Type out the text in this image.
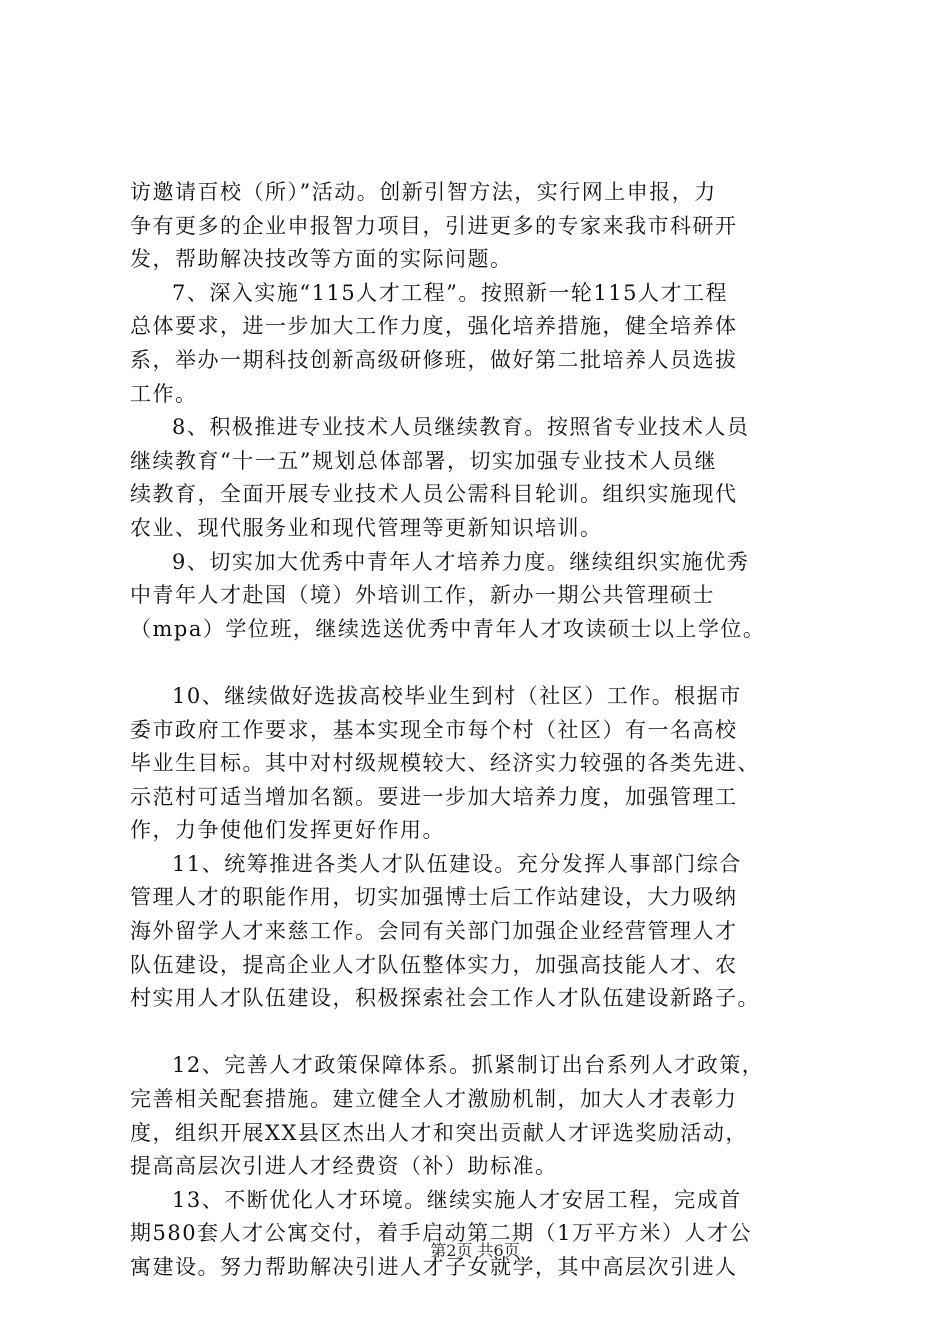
访邀请百校（所）”活动。创新引智方法，实行网上申报，力
争有更多的企业申报智力项目，引进更多的专家来我市科研开
发，帮助解决技改等方面的实际问题。
7、深入实施“115人才工程”。按照新一轮115人才工程
总体要求，进一步加大工作力度，强化培养措施，健全培养体
系，举办一期科技创新高级研修班，做好第二批培养人员选拔
工作。
8、积极推进专业技术人员继续教育。按照省专业技术人员
继续教育“十一五”规划总体部署，切实加强专业技术人员继
续教育，全面开展专业技术人员公需科目轮训。组织实施现代
农业、现代服务业和现代管理等更新知识培训。
9、切实加大优秀中青年人才培养力度。继续组织实施优秀
中青年人才赴国（境）外培训工作，新办一期公共管理硕士
（mpa）学位班，继续选送优秀中青年人才攻读硕士以上学位。
10、继续做好选拔高校毕业生到村（社区）工作。根据市
委市政府工作要求，基本实现全市每个村（社区）有一名高校
毕业生目标。其中对村级规模较大、经济实力较强的各类先进、
示范村可适当增加名额。要进一步加大培养力度，加强管理工
作，力争使他们发挥更好作用。
11、统筹推进各类人才队伍建设。充分发挥人事部门综合
管理人才的职能作用，切实加强博士后工作站建设，大力吸纳
海外留学人才来慈工作。会同有关部门加强企业经营管理人才
队伍建设，提高企业人才队伍整体实力，加强高技能人才、农
村实用人才队伍建设，积极探索社会工作人才队伍建设新路子。
12、完善人才政策保障体系。抓紧制订出台系列人才政策，
完善相关配套措施。建立健全人才激励机制，加大人才表彰力
度，组织开展XX县区杰出人才和突出贡献人才评选奖励活动，
提高高层次引进人才经费资（补）助标准。
13、不断优化人才环境。继续实施人才安居工程，完成首
期580套人才公寓交付，着手启动第二期（1万平方米）人才公
寓建设。努力帮助解决引进人才子女就学，其中高层次引进人
第2页 共6页
